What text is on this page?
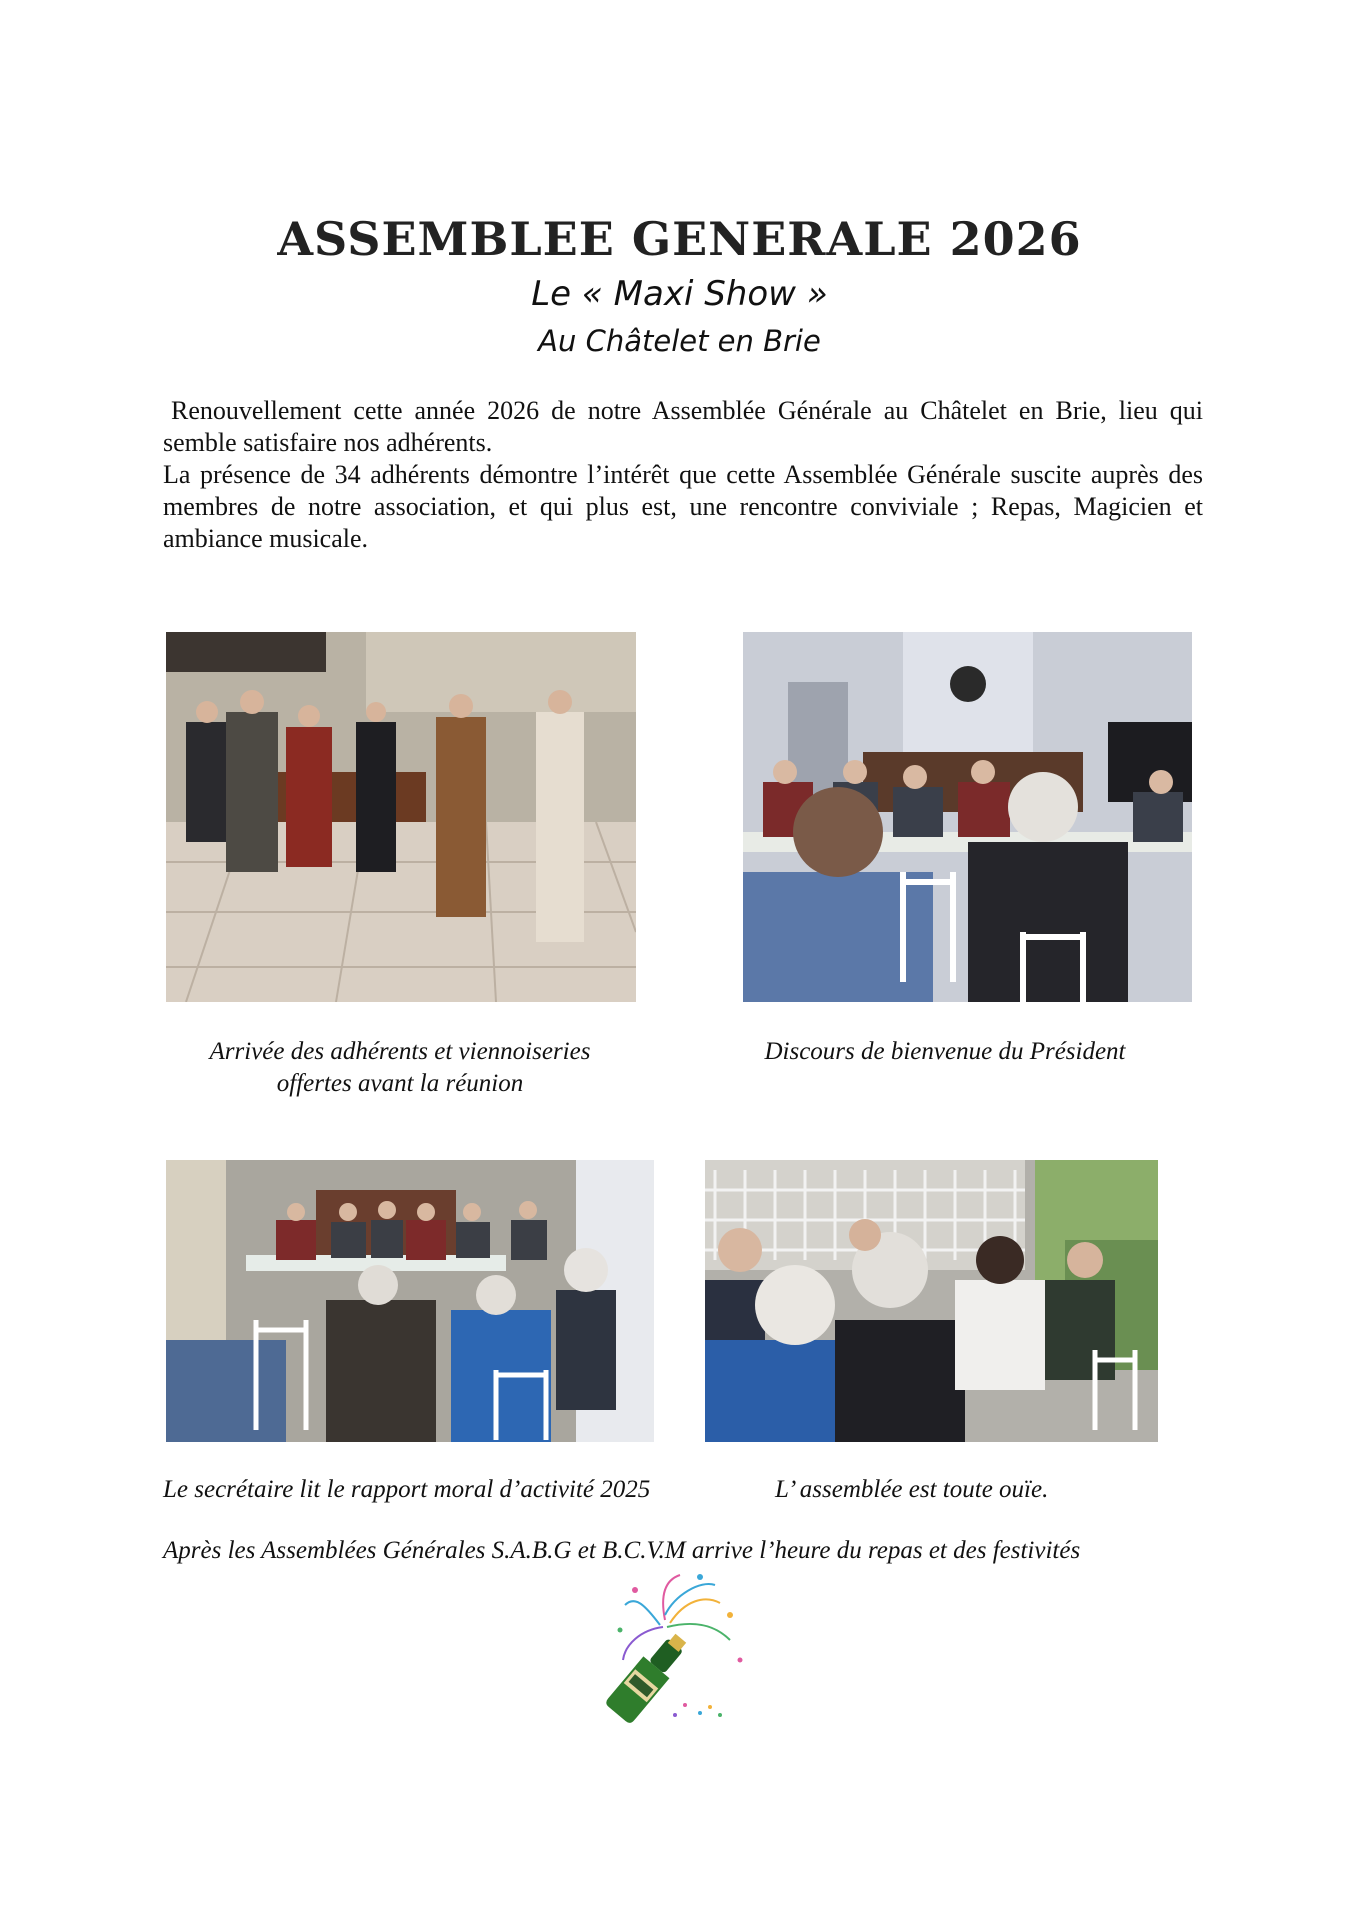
ASSEMBLEE GENERALE 2026
Le « Maxi Show »
Au Châtelet en Brie

Renouvellement cette année 2026 de notre Assemblée Générale au Châtelet en Brie, lieu qui semble satisfaire nos adhérents.

La présence de 34 adhérents démontre l’intérêt que cette Assemblée Générale suscite auprès des membres de notre association, et qui plus est, une rencontre conviviale ; Repas, Magicien et ambiance musicale.

Arrivée des adhérents et viennoiseries
offertes avant la réunion
Discours de bienvenue du Président
Le secrétaire lit le rapport moral d’activité 2025	L’ assemblée est toute ouïe.
Après les Assemblées Générales S.A.B.G et B.C.V.M arrive l’heure du repas et des festivités
